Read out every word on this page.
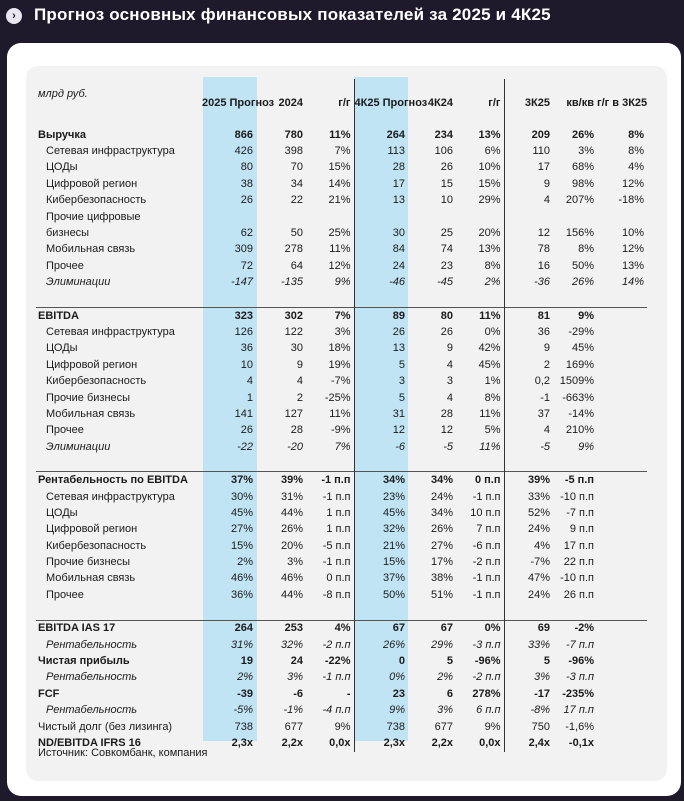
›	Прогноз основных финансовых показателей за 2025 и 4К25
млрд руб.	2025 Прогноз	2024	г/г	4К25 Прогноз	4К24	г/г	3К25	кв/кв	г/г в 3К25

Выручка	866	780	11%	264	234	13%	209	26%	8%
Сетевая инфраструктура	426	398	7%	113	106	6%	110	3%	8%
ЦОДы	80	70	15%	28	26	10%	17	68%	4%
Цифровой регион	38	34	14%	17	15	15%	9	98%	12%
Кибербезопасность	26	22	21%	13	10	29%	4	207%	-18%
Прочие цифровые									
бизнесы	62	50	25%	30	25	20%	12	156%	10%
Мобильная связь	309	278	11%	84	74	13%	78	8%	12%
Прочее	72	64	12%	24	23	8%	16	50%	13%
Элиминации	-147	-135	9%	-46	-45	2%	-36	26%	14%

EBITDA	323	302	7%	89	80	11%	81	9%	
Сетевая инфраструктура	126	122	3%	26	26	0%	36	-29%	
ЦОДы	36	30	18%	13	9	42%	9	45%	
Цифровой регион	10	9	19%	5	4	45%	2	169%	
Кибербезопасность	4	4	-7%	3	3	1%	0,2	1509%	
Прочие бизнесы	1	2	-25%	5	4	8%	-1	-663%	
Мобильная связь	141	127	11%	31	28	11%	37	-14%	
Прочее	26	28	-9%	12	12	5%	4	210%	
Элиминации	-22	-20	7%	-6	-5	11%	-5	9%	

Рентабельность по EBITDA	37%	39%	-1 п.п	34%	34%	0 п.п	39%	-5 п.п	
Сетевая инфраструктура	30%	31%	-1 п.п	23%	24%	-1 п.п	33%	-10 п.п	
ЦОДы	45%	44%	1 п.п	45%	34%	10 п.п	52%	-7 п.п	
Цифровой регион	27%	26%	1 п.п	32%	26%	7 п.п	24%	9 п.п	
Кибербезопасность	15%	20%	-5 п.п	21%	27%	-6 п.п	4%	17 п.п	
Прочие бизнесы	2%	3%	-1 п.п	15%	17%	-2 п.п	-7%	22 п.п	
Мобильная связь	46%	46%	0 п.п	37%	38%	-1 п.п	47%	-10 п.п	
Прочее	36%	44%	-8 п.п	50%	51%	-1 п.п	24%	26 п.п	

EBITDA IAS 17	264	253	4%	67	67	0%	69	-2%	
Рентабельность	31%	32%	-2 п.п	26%	29%	-3 п.п	33%	-7 п.п	
Чистая прибыль	19	24	-22%	0	5	-96%	5	-96%	
Рентабельность	2%	3%	-1 п.п	0%	2%	-2 п.п	3%	-3 п.п	
FCF	-39	-6	-	23	6	278%	-17	-235%	
Рентабельность	-5%	-1%	-4 п.п	9%	3%	6 п.п	-8%	17 п.п	
Чистый долг (без лизинга)	738	677	9%	738	677	9%	750	-1,6%	
ND/EBITDA IFRS 16	2,3x	2,2x	0,0x	2,3x	2,2x	0,0x	2,4x	-0,1x	
Источник: Совкомбанк, компания
